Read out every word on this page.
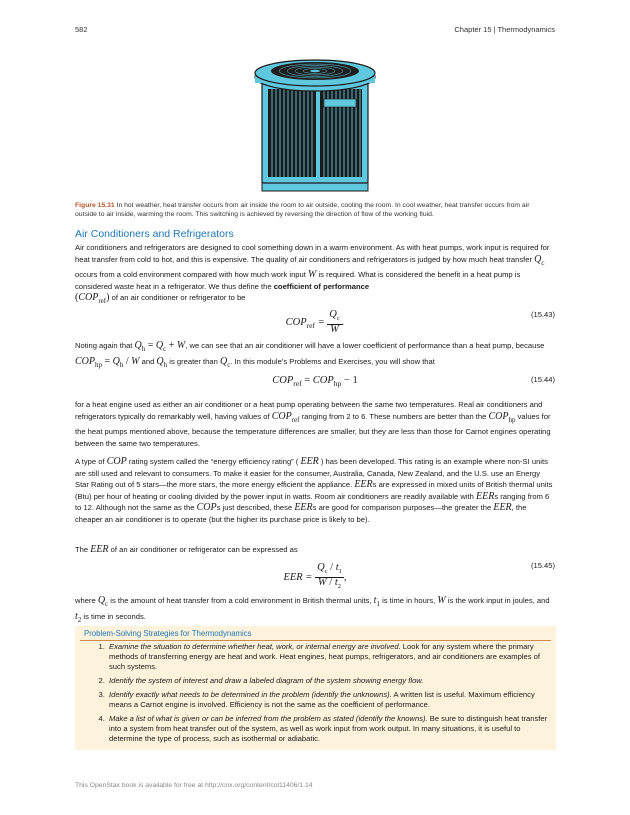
582	Chapter 15 | Thermodynamics
Figure 15.31 In hot weather, heat transfer occurs from air inside the room to air outside, cooling the room. In cool weather, heat transfer occurs from air outside to air inside, warming the room. This switching is achieved by reversing the direction of flow of the working fluid.
Air Conditioners and Refrigerators

Air conditioners and refrigerators are designed to cool something down in a warm environment. As with heat pumps, work input is required for heat transfer from cold to hot, and this is expensive. The quality of air conditioners and refrigerators is judged by how much heat transfer $Q_c$ occurs from a cold environment compared with how much work input W is required. What is considered the benefit in a heat pump is considered waste heat in a refrigerator. We thus define the coefficient of performance
$(COP_{ref})$ of an air conditioner or refrigerator to be

$COP_{ref} = \frac{Q_c}{W}$ .
(15.43)

Noting again that $Q_h = Q_c + W$, we can see that an air conditioner will have a lower coefficient of performance than a heat pump, because $COP_{hp} = Q_h / W$ and $Q_h$ is greater than $Q_c$. In this module’s Problems and Exercises, you will show that

$COP_{ref} = COP_{hp} - 1$	(15.44)

for a heat engine used as either an air conditioner or a heat pump operating between the same two temperatures. Real air conditioners and refrigerators typically do remarkably well, having values of $COP_{ref}$ ranging from 2 to 6. These numbers are better than the $COP_{hp}$ values for the heat pumps mentioned above, because the temperature differences are smaller, but they are less than those for Carnot engines operating between the same two temperatures.

A type of COP rating system called the “energy efficiency rating” ( EER ) has been developed. This rating is an example where non-SI units are still used and relevant to consumers. To make it easier for the consumer, Australia, Canada, New Zealand, and the U.S. use an Energy Star Rating out of 5 stars—the more stars, the more energy efficient the appliance. EERs are expressed in mixed units of British thermal units (Btu) per hour of heating or cooling divided by the power input in watts. Room air conditioners are readily available with EERs ranging from 6 to 12. Although not the same as the COPs just described, these EERs are good for comparison purposes—the greater the EER, the cheaper an air conditioner is to operate (but the higher its purchase price is likely to be).

The EER of an air conditioner or refrigerator can be expressed as

EER = $\frac{Q_c / t_1}{W / t_2}$ ,
(15.45)

where $Q_c$ is the amount of heat transfer from a cold environment in British thermal units, $t_1$ is time in hours, W is the work input in joules, and $t_2$ is time in seconds.

Problem-Solving Strategies for Thermodynamics
1. Examine the situation to determine whether heat, work, or internal energy are involved. Look for any system where the primary methods of transferring energy are heat and work. Heat engines, heat pumps, refrigerators, and air conditioners are examples of such systems.
2. Identify the system of interest and draw a labeled diagram of the system showing energy flow.
3. Identify exactly what needs to be determined in the problem (identify the unknowns). A written list is useful. Maximum efficiency means a Carnot engine is involved. Efficiency is not the same as the coefficient of performance.
4. Make a list of what is given or can be inferred from the problem as stated (identify the knowns). Be sure to distinguish heat transfer into a system from heat transfer out of the system, as well as work input from work output. In many situations, it is useful to determine the type of process, such as isothermal or adiabatic.
This OpenStax book is available for free at http://cnx.org/content/col11406/1.14
